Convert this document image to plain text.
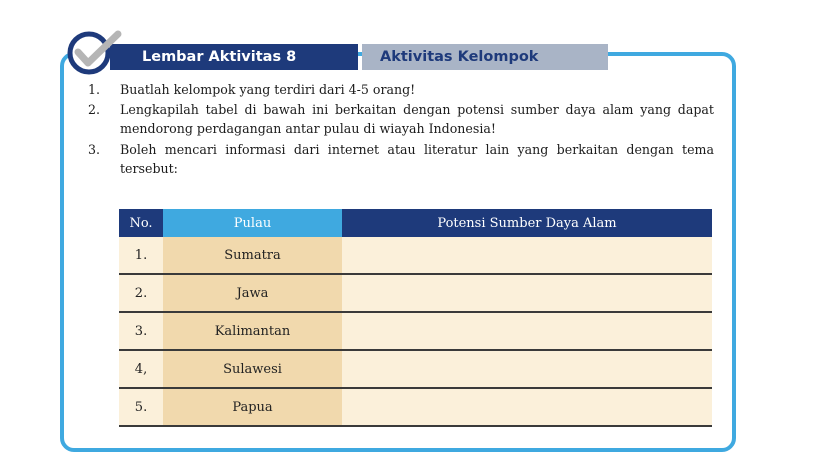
Lembar Aktivitas 8	Aktivitas Kelompok
1. Buatlah kelompok yang terdiri dari 4-5 orang!
2. Lengkapilah tabel di bawah ini berkaitan dengan potensi sumber daya alam yang dapat mendorong perdagangan antar pulau di wiayah Indonesia!
3. Boleh mencari informasi dari internet atau literatur lain yang berkaitan dengan tema tersebut:
No.	Pulau	Potensi Sumber Daya Alam
1.	Sumatra	
2.	Jawa	
3.	Kalimantan	
4,	Sulawesi	
5.	Papua	
